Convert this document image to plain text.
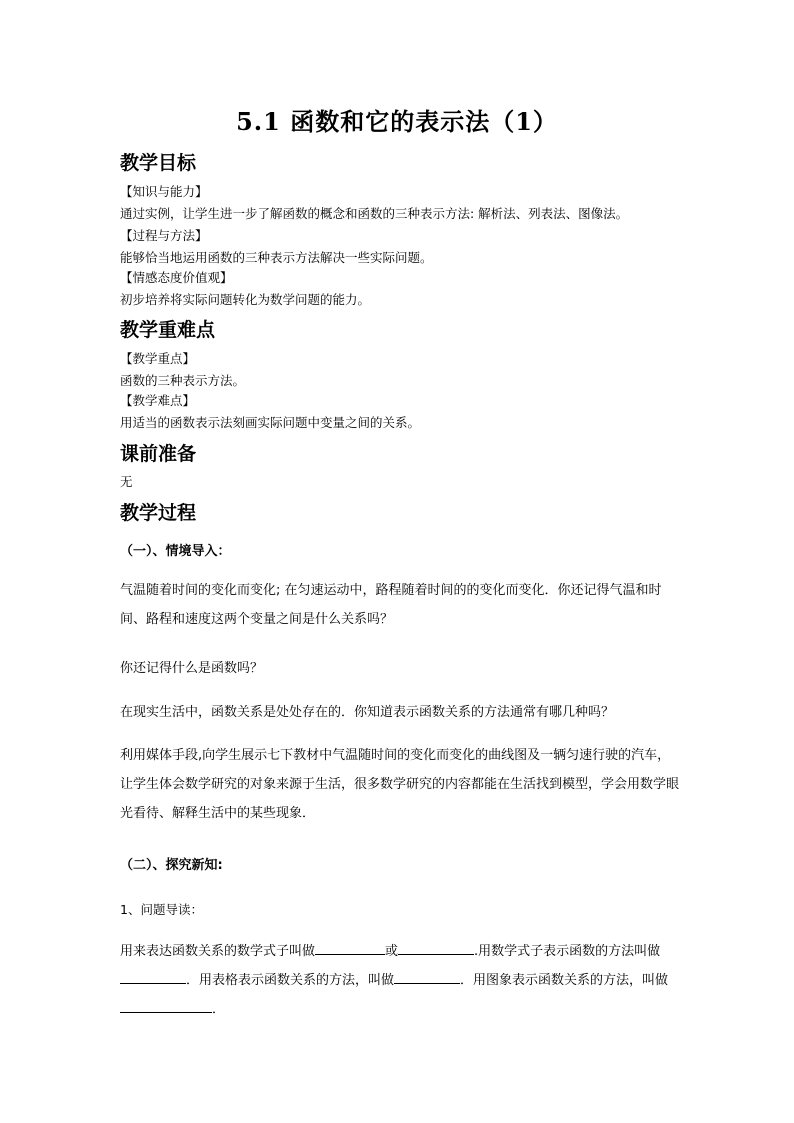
5.1 函数和它的表示法（1）
教学目标
【知识与能力】
通过实例，让学生进一步了解函数的概念和函数的三种表示方法: 解析法、列表法、图像法。
【过程与方法】
能够恰当地运用函数的三种表示方法解决一些实际问题。
【情感态度价值观】
初步培养将实际问题转化为数学问题的能力。
教学重难点
【教学重点】
函数的三种表示方法。
【教学难点】
用适当的函数表示法刻画实际问题中变量之间的关系。
课前准备
无
教学过程
（一）、情境导入：
气温随着时间的变化而变化; 在匀速运动中，路程随着时间的的变化而变化．你还记得气温和时间、路程和速度这两个变量之间是什么关系吗？
你还记得什么是函数吗？
在现实生活中，函数关系是处处存在的．你知道表示函数关系的方法通常有哪几种吗？
利用媒体手段,向学生展示七下教材中气温随时间的变化而变化的曲线图及一辆匀速行驶的汽车，让学生体会数学研究的对象来源于生活，很多数学研究的内容都能在生活找到模型，学会用数学眼光看待、解释生活中的某些现象．
（二）、探究新知:
1、问题导读：
用来表达函数关系的数学式子叫做	或	.用数学式子表示函数的方法叫做．用表格表示函数关系的方法，叫做	．用图象表示函数关系的方法，叫做．
